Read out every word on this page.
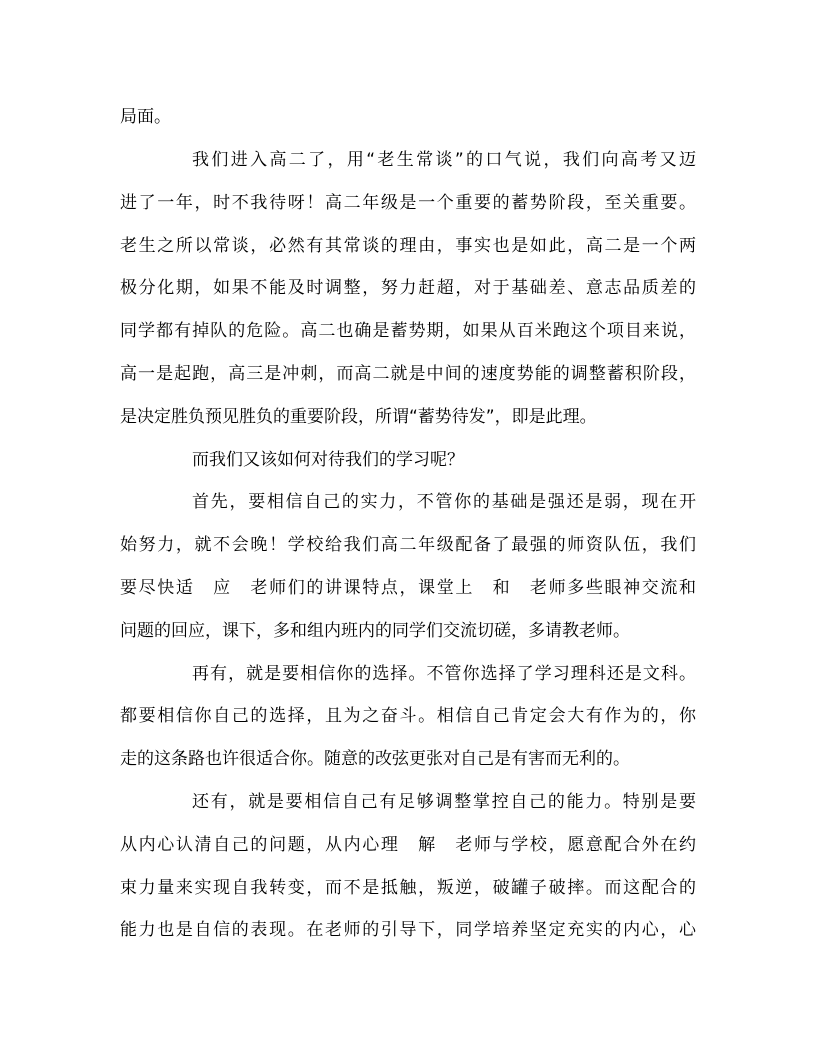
局面。
我们进入高二了，用“老生常谈”的口气说，我们向高考又迈
进了一年，时不我待呀！高二年级是一个重要的蓄势阶段，至关重要。
老生之所以常谈，必然有其常谈的理由，事实也是如此，高二是一个两
极分化期，如果不能及时调整，努力赶超，对于基础差、意志品质差的
同学都有掉队的危险。高二也确是蓄势期，如果从百米跑这个项目来说，
高一是起跑，高三是冲刺，而高二就是中间的速度势能的调整蓄积阶段，
是决定胜负预见胜负的重要阶段，所谓“蓄势待发”，即是此理。
而我们又该如何对待我们的学习呢？
首先，要相信自己的实力，不管你的基础是强还是弱，现在开
始努力，就不会晚！学校给我们高二年级配备了最强的师资队伍，我们
要尽快适　应　老师们的讲课特点，课堂上　和　老师多些眼神交流和
问题的回应，课下，多和组内班内的同学们交流切磋，多请教老师。
再有，就是要相信你的选择。不管你选择了学习理科还是文科。
都要相信你自己的选择，且为之奋斗。相信自己肯定会大有作为的，你
走的这条路也许很适合你。随意的改弦更张对自己是有害而无利的。
还有，就是要相信自己有足够调整掌控自己的能力。特别是要
从内心认清自己的问题，从内心理　解　老师与学校，愿意配合外在约
束力量来实现自我转变，而不是抵触，叛逆，破罐子破摔。而这配合的
能力也是自信的表现。在老师的引导下，同学培养坚定充实的内心，心
